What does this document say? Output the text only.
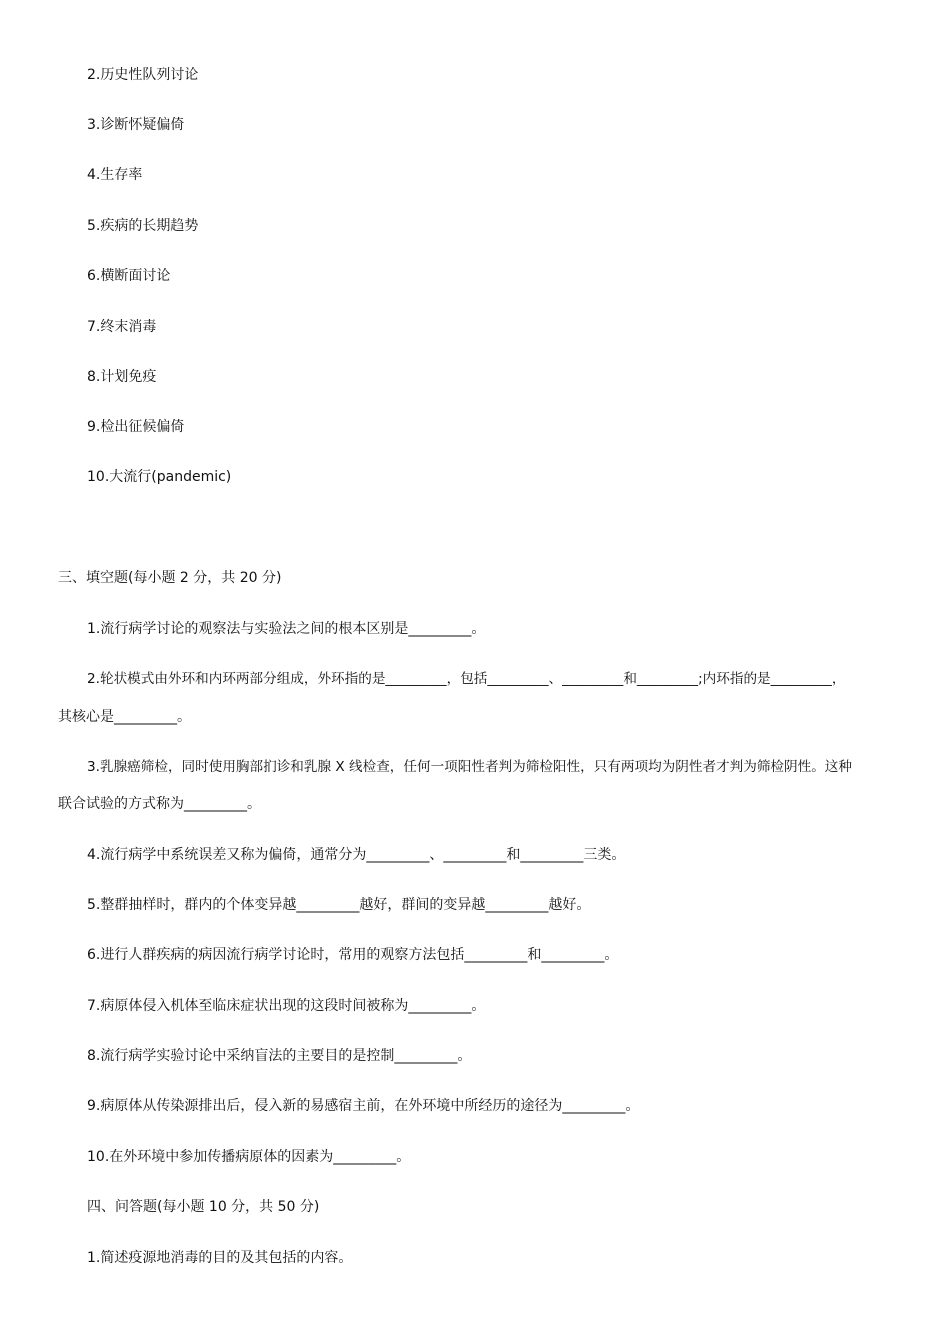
2.历史性队列讨论
3.诊断怀疑偏倚
4.生存率
5.疾病的长期趋势
6.横断面讨论
7.终末消毒
8.计划免疫
9.检出征候偏倚
10.大流行(pandemic)
三、填空题(每小题 2 分，共 20 分)
1.流行病学讨论的观察法与实验法之间的根本区别是_________。
2.轮状模式由外环和内环两部分组成，外环指的是_________，包括_________、_________和_________;内环指的是_________，
其核心是_________。
3.乳腺癌筛检，同时使用胸部扪诊和乳腺 X 线检查，任何一项阳性者判为筛检阳性，只有两项均为阴性者才判为筛检阴性。这种
联合试验的方式称为_________。
4.流行病学中系统误差又称为偏倚，通常分为_________、_________和_________三类。
5.整群抽样时，群内的个体变异越_________越好，群间的变异越_________越好。
6.进行人群疾病的病因流行病学讨论时，常用的观察方法包括_________和_________。
7.病原体侵入机体至临床症状出现的这段时间被称为_________。
8.流行病学实验讨论中采纳盲法的主要目的是控制_________。
9.病原体从传染源排出后，侵入新的易感宿主前，在外环境中所经历的途径为_________。
10.在外环境中参加传播病原体的因素为_________。
四、问答题(每小题 10 分，共 50 分)
1.简述疫源地消毒的目的及其包括的内容。
